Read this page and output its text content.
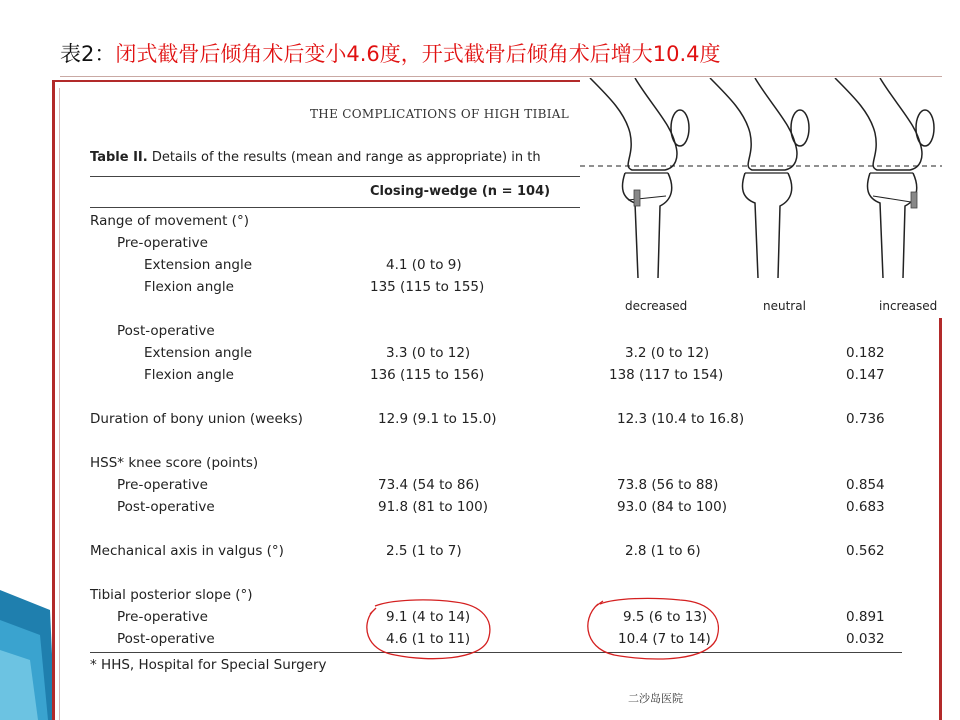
表2：闭式截骨后倾角术后变小4.6度，开式截骨后倾角术后增大10.4度
THE COMPLICATIONS OF HIGH TIBIAL
Table II. Details of the results (mean and range as appropriate) in th
Closing-wedge (n = 104)
Range of movement (°)
Pre-operative
Extension angle	4.1 (0 to 9)
Flexion angle	135 (115 to 155)
Post-operative
Extension angle	3.3 (0 to 12)	3.2 (0 to 12)	0.182
Flexion angle	136 (115 to 156)	138 (117 to 154)	0.147
Duration of bony union (weeks)	12.9 (9.1 to 15.0)	12.3 (10.4 to 16.8)	0.736
HSS* knee score (points)
Pre-operative	73.4 (54 to 86)	73.8 (56 to 88)	0.854
Post-operative	91.8 (81 to 100)	93.0 (84 to 100)	0.683
Mechanical axis in valgus (°)	2.5 (1 to 7)	2.8 (1 to 6)	0.562
Tibial posterior slope (°)
Pre-operative	9.1 (4 to 14)	9.5 (6 to 13)	0.891
Post-operative	4.6 (1 to 11)	10.4 (7 to 14)	0.032
* HHS, Hospital for Special Surgery
decreased	neutral	increased
二沙岛医院
